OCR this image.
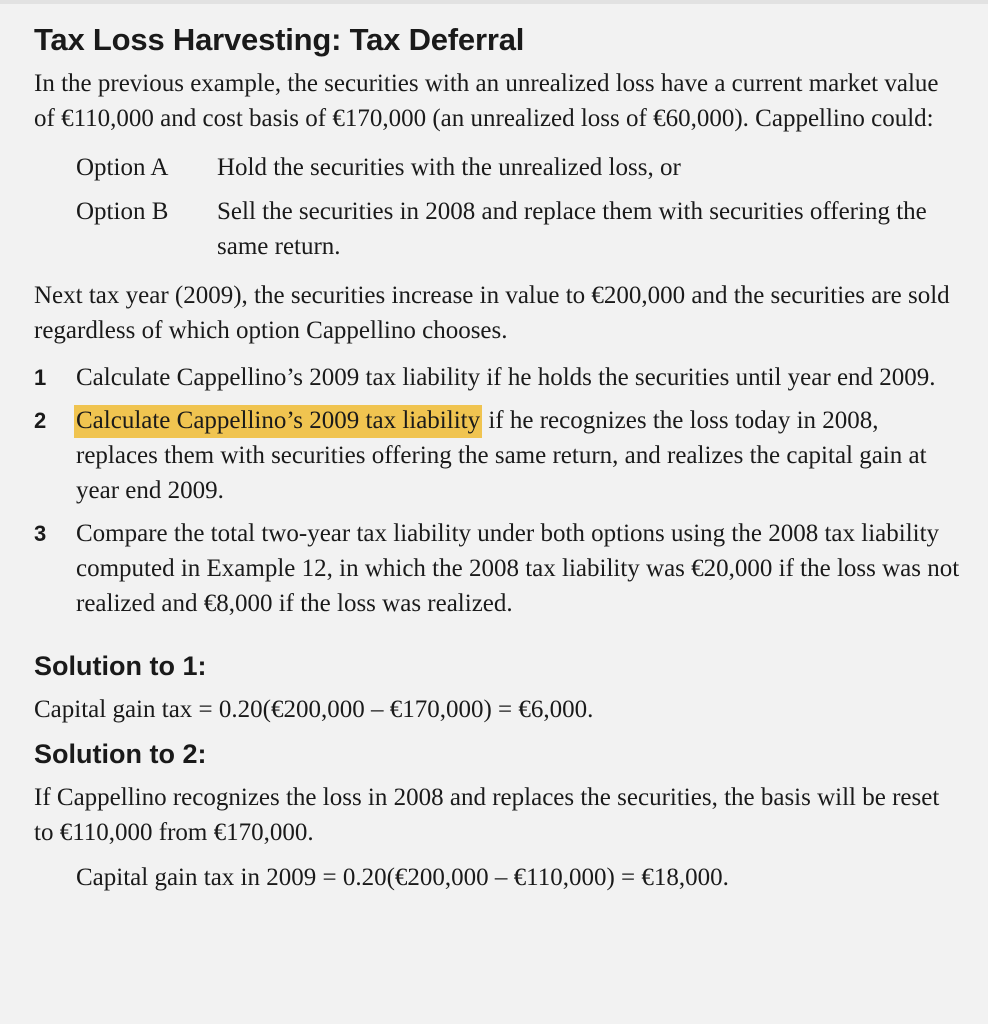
Tax Loss Harvesting: Tax Deferral

In the previous example, the securities with an unrealized loss have a current market value of €110,000 and cost basis of €170,000 (an unrealized loss of €60,000). Cappellino could:

Option A	Hold the securities with the unrealized loss, or
Option B	Sell the securities in 2008 and replace them with securities offering the same return.

Next tax year (2009), the securities increase in value to €200,000 and the securities are sold regardless of which option Cappellino chooses.

1	Calculate Cappellino’s 2009 tax liability if he holds the securities until year end 2009.
2	Calculate Cappellino’s 2009 tax liability if he recognizes the loss today in 2008, replaces them with securities offering the same return, and realizes the capital gain at year end 2009.
3	Compare the total two-year tax liability under both options using the 2008 tax liability computed in Example 12, in which the 2008 tax liability was €20,000 if the loss was not realized and €8,000 if the loss was realized.
Solution to 1:

Capital gain tax = 0.20(€200,000 – €170,000) = €6,000.

Solution to 2:

If Cappellino recognizes the loss in 2008 and replaces the securities, the basis will be reset to €110,000 from €170,000.

Capital gain tax in 2009 = 0.20(€200,000 – €110,000) = €18,000.
